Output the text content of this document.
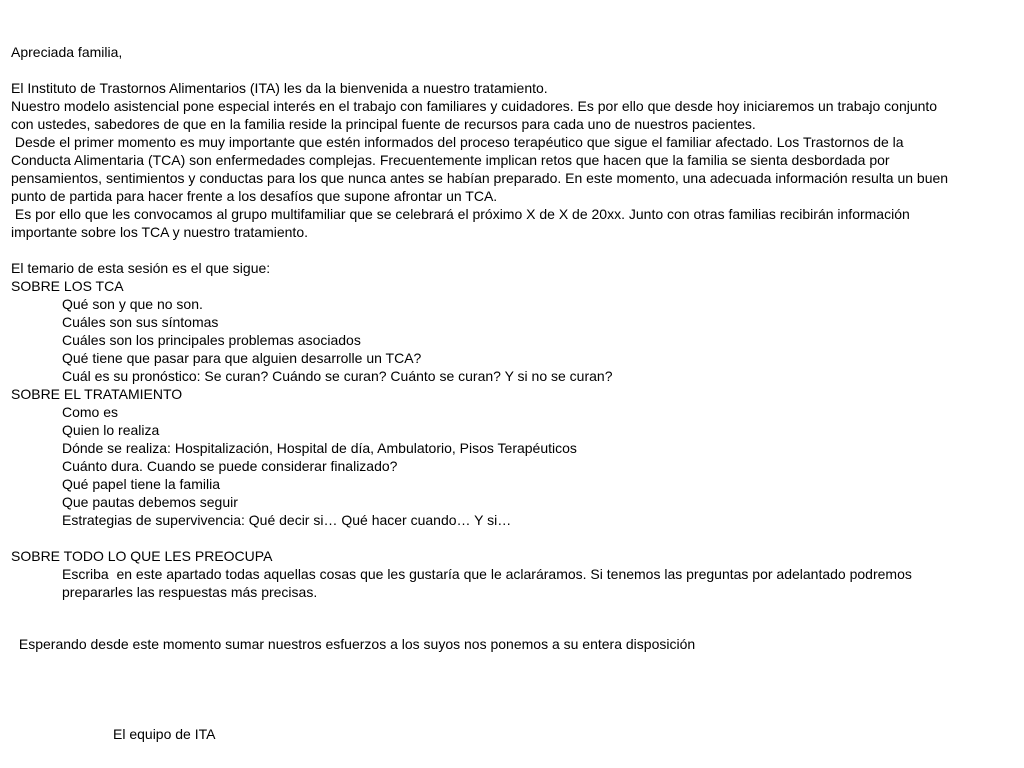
Apreciada familia,
El Instituto de Trastornos Alimentarios (ITA) les da la bienvenida a nuestro tratamiento.
Nuestro modelo asistencial pone especial interés en el trabajo con familiares y cuidadores. Es por ello que desde hoy iniciaremos un trabajo conjunto
con ustedes, sabedores de que en la familia reside la principal fuente de recursos para cada uno de nuestros pacientes.
Desde el primer momento es muy importante que estén informados del proceso terapéutico que sigue el familiar afectado. Los Trastornos de la
Conducta Alimentaria (TCA) son enfermedades complejas. Frecuentemente implican retos que hacen que la familia se sienta desbordada por
pensamientos, sentimientos y conductas para los que nunca antes se habían preparado. En este momento, una adecuada información resulta un buen
punto de partida para hacer frente a los desafíos que supone afrontar un TCA.
Es por ello que les convocamos al grupo multifamiliar que se celebrará el próximo X de X de 20xx. Junto con otras familias recibirán información
importante sobre los TCA y nuestro tratamiento.
El temario de esta sesión es el que sigue:
SOBRE LOS TCA
Qué son y que no son.
Cuáles son sus síntomas
Cuáles son los principales problemas asociados
Qué tiene que pasar para que alguien desarrolle un TCA?
Cuál es su pronóstico: Se curan? Cuándo se curan? Cuánto se curan? Y si no se curan?
SOBRE EL TRATAMIENTO
Como es
Quien lo realiza
Dónde se realiza: Hospitalización, Hospital de día, Ambulatorio, Pisos Terapéuticos
Cuánto dura. Cuando se puede considerar finalizado?
Qué papel tiene la familia
Que pautas debemos seguir
Estrategias de supervivencia: Qué decir si… Qué hacer cuando… Y si…
SOBRE TODO LO QUE LES PREOCUPA
Escriba  en este apartado todas aquellas cosas que les gustaría que le aclaráramos. Si tenemos las preguntas por adelantado podremos
prepararles las respuestas más precisas.
Esperando desde este momento sumar nuestros esfuerzos a los suyos nos ponemos a su entera disposición
El equipo de ITA
